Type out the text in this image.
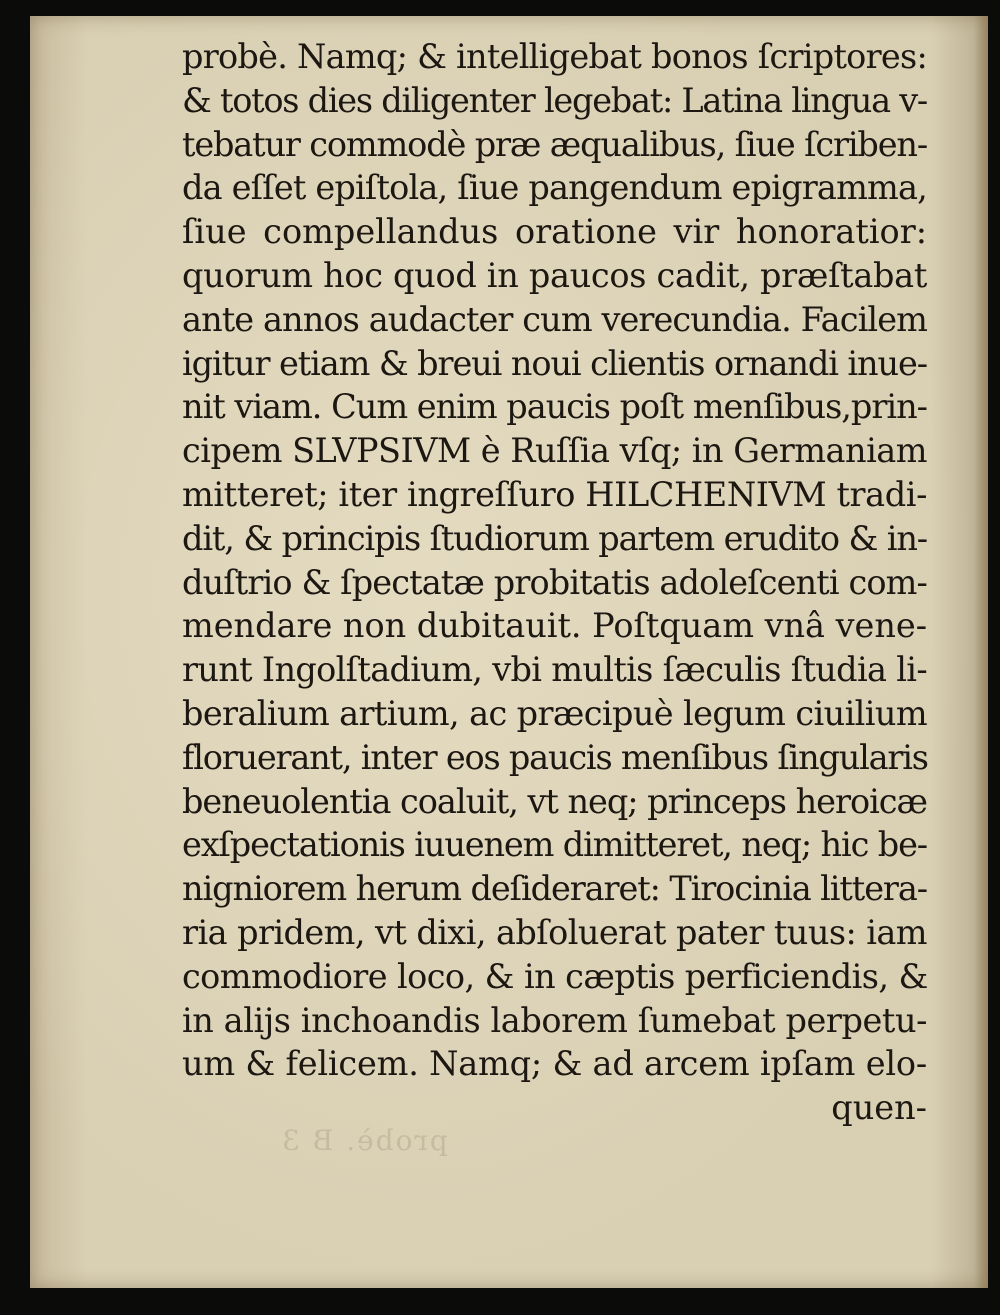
probè. B 3
probè. Namq; & intelligebat bonos ſcriptores:
& totos dies diligenter legebat: Latina lingua v-
tebatur commodè præ æqualibus, ſiue ſcriben-
da eſſet epiſtola, ſiue pangendum epigramma,
ſiue compellandus oratione vir honoratior:
quorum hoc quod in paucos cadit, præſtabat
ante annos audacter cum verecundia. Facilem
igitur etiam & breui noui clientis ornandi inue-
nit viam. Cum enim paucis poſt menſibus,prin-
cipem SLVPSIVM è Ruſſia vſq; in Germaniam
mitteret; iter ingreſſuro HILCHENIVM tradi-
dit, & principis ſtudiorum partem erudito & in-
duſtrio & ſpectatæ probitatis adoleſcenti com-
mendare non dubitauit. Poſtquam vnâ vene-
runt Ingolſtadium, vbi multis ſæculis ſtudia li-
beralium artium, ac præcipuè legum ciuilium
floruerant, inter eos paucis menſibus ſingularis
beneuolentia coaluit, vt neq; princeps heroicæ
exſpectationis iuuenem dimitteret, neq; hic be-
nigniorem herum deſideraret: Tirocinia littera-
ria pridem, vt dixi, abſoluerat pater tuus: iam
commodiore loco, & in cæptis perficiendis, &
in alijs inchoandis laborem ſumebat perpetu-
um & felicem. Namq; & ad arcem ipſam elo-
quen-
